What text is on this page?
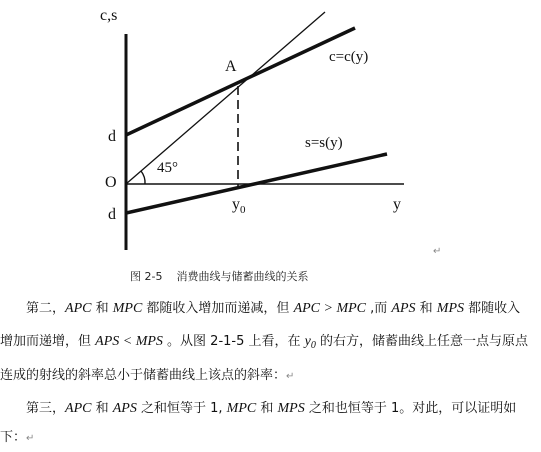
c,s
A
c=c(y)
s=s(y)
d
O
d
45°
$y_0$	y
↵
图 2-5 消费曲线与储蓄曲线的关系
第二，APC 和 MPC 都随收入增加而递减，但 APC > MPC ,而 APS 和 MPS 都随收入
增加而递增，但 APS < MPS 。从图 2-1-5 上看，在 $y_0$ 的右方，储蓄曲线上任意一点与原点
连成的射线的斜率总小于储蓄曲线上该点的斜率：↵
第三，APC 和 APS 之和恒等于 1, MPC 和 MPS 之和也恒等于 1。对此，可以证明如
下：↵
